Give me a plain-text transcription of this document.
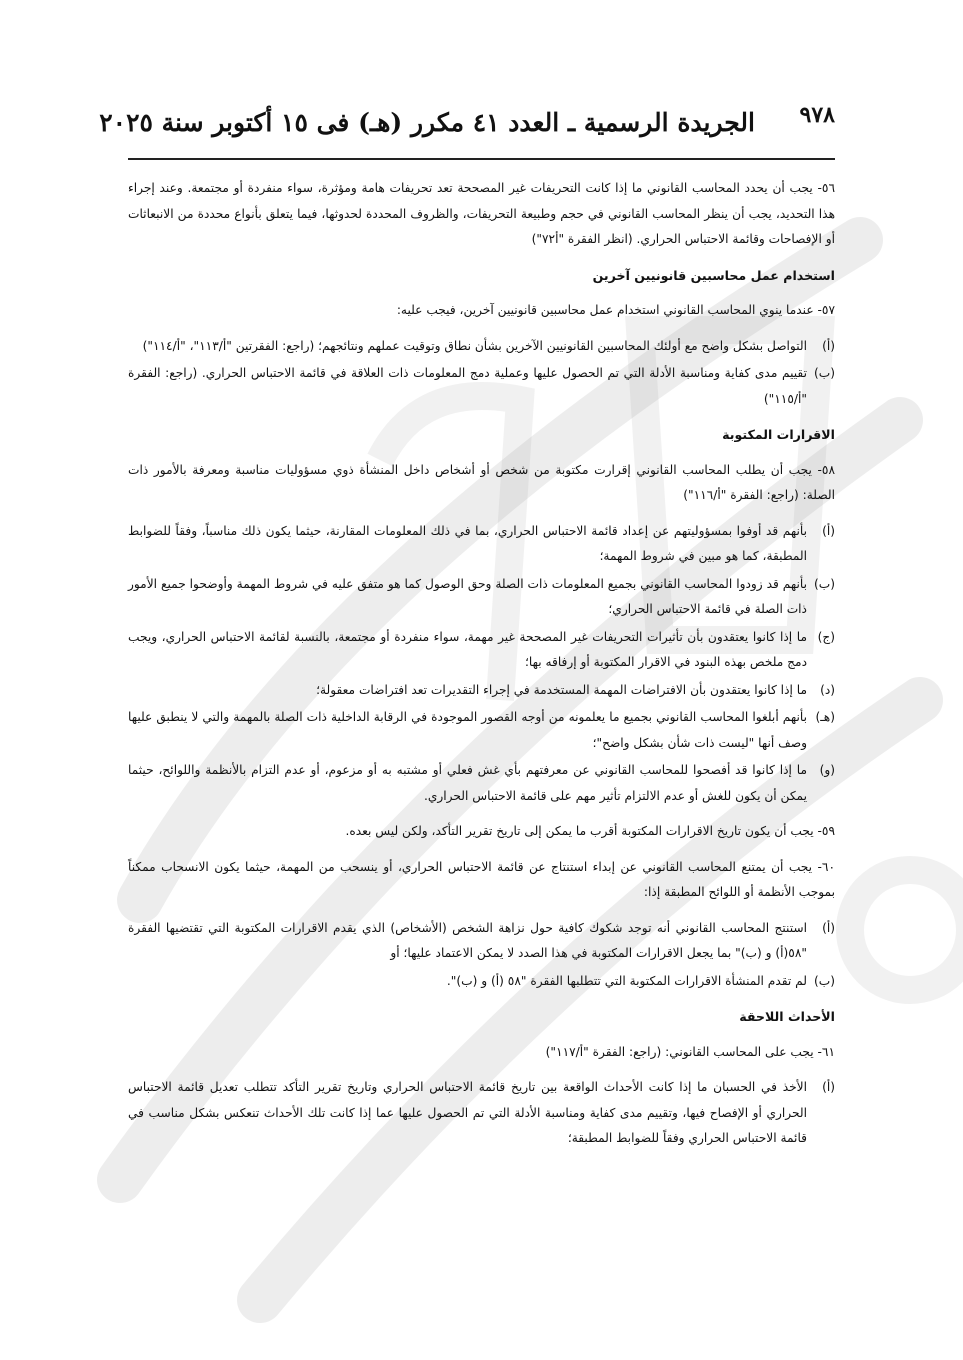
٩٧٨
الجريدة الرسمية ـ العدد ٤١ مكرر (هـ) فى ١٥ أكتوبر سنة ٢٠٢٥

٥٦- يجب أن يحدد المحاسب القانوني ما إذا كانت التحريفات غير المصححة تعد تحريفات هامة ومؤثرة، سواء منفردة أو مجتمعة. وعند إجراء هذا التحديد، يجب أن ينظر المحاسب القانوني في حجم وطبيعة التحريفات، والظروف المحددة لحدوثها، فيما يتعلق بأنواع محددة من الانبعاثات أو الإفصاحات وقائمة الاحتباس الحراري. (انظر الفقرة "أ٧٢")

استخدام عمل محاسبين قانونيين آخرين

٥٧- عندما ينوي المحاسب القانوني استخدام عمل محاسبين قانونيين آخرين، فيجب عليه:

(أ)
التواصل بشكل واضح مع أولئك المحاسبين القانونيين الآخرين بشأن نطاق وتوقيت عملهم ونتائجهم؛ (راجع: الفقرتين "أ/١١٣"، "أ/١١٤")
(ب)
تقييم مدى كفاية ومناسبة الأدلة التي تم الحصول عليها وعملية دمج المعلومات ذات العلاقة في قائمة الاحتباس الحراري. (راجع: الفقرة "أ/١١٥")
الاقرارات المكتوبة

٥٨- يجب أن يطلب المحاسب القانوني إقرارت مكتوبة من شخص أو أشخاص داخل المنشأة ذوي مسؤوليات مناسبة ومعرفة بالأمور ذات الصلة: (راجع: الفقرة "أ/١١٦")

(أ)
بأنهم قد أوفوا بمسؤوليتهم عن إعداد قائمة الاحتباس الحراري، بما في ذلك المعلومات المقارنة، حيثما يكون ذلك مناسباً، وفقاً للضوابط المطبقة، كما هو مبين في شروط المهمة؛
(ب)
بأنهم قد زودوا المحاسب القانوني بجميع المعلومات ذات الصلة وحق الوصول كما هو متفق عليه في شروط المهمة وأوضحوا جميع الأمور ذات الصلة في قائمة الاحتباس الحراري؛
(ج)
ما إذا كانوا يعتقدون بأن تأثيرات التحريفات غير المصححة غير مهمة، سواء منفردة أو مجتمعة، بالنسبة لقائمة الاحتباس الحراري، ويجب دمج ملخص بهذه البنود في الاقرار المكتوبة أو إرفاقه بها؛
(د)
ما إذا كانوا يعتقدون بأن الافتراضات المهمة المستخدمة في إجراء التقديرات تعد افتراضات معقولة؛
(هـ)
بأنهم أبلغوا المحاسب القانوني بجميع ما يعلمونه من أوجه القصور الموجودة في الرقابة الداخلية ذات الصلة بالمهمة والتي لا ينطبق عليها وصف أنها "ليست ذات شأن بشكل واضح"؛
(و)
ما إذا كانوا قد أفصحوا للمحاسب القانوني عن معرفتهم بأي غش فعلي أو مشتبه به أو مزعوم، أو عدم التزام بالأنظمة واللوائح، حيثما يمكن أن يكون للغش أو عدم الالتزام تأثير مهم على قائمة الاحتباس الحراري.

٥٩- يجب أن يكون تاريخ الاقرارات المكتوبة أقرب ما يمكن إلى تاريخ تقرير التأكد، ولكن ليس بعده.

٦٠- يجب أن يمتنع المحاسب القانوني عن إبداء استنتاج عن قائمة الاحتباس الحراري، أو ينسحب من المهمة، حيثما يكون الانسحاب ممكناً بموجب الأنظمة أو اللوائح المطبقة إذا:

(أ)
استنتج المحاسب القانوني أنه توجد شكوك كافية حول نزاهة الشخص (الأشخاص) الذي يقدم الاقرارات المكتوبة التي تقتضيها الفقرة "٥٨(أ) و (ب)" بما يجعل الاقرارات المكتوبة في هذا الصدد لا يمكن الاعتماد عليها؛ أو
(ب)
لم تقدم المنشأة الاقرارات المكتوبة التي تتطلبها الفقرة "٥٨ (أ) و (ب)".
الأحداث اللاحقة

٦١- يجب على المحاسب القانوني: (راجع: الفقرة "أ/١١٧")

(أ)
الأخذ في الحسبان ما إذا كانت الأحداث الواقعة بين تاريخ قائمة الاحتباس الحراري وتاريخ تقرير التأكد تتطلب تعديل قائمة الاحتباس الحراري أو الإفصاح فيها، وتقييم مدى كفاية ومناسبة الأدلة التي تم الحصول عليها عما إذا كانت تلك الأحداث تنعكس بشكل مناسب في قائمة الاحتباس الحراري وفقاً للضوابط المطبقة؛
